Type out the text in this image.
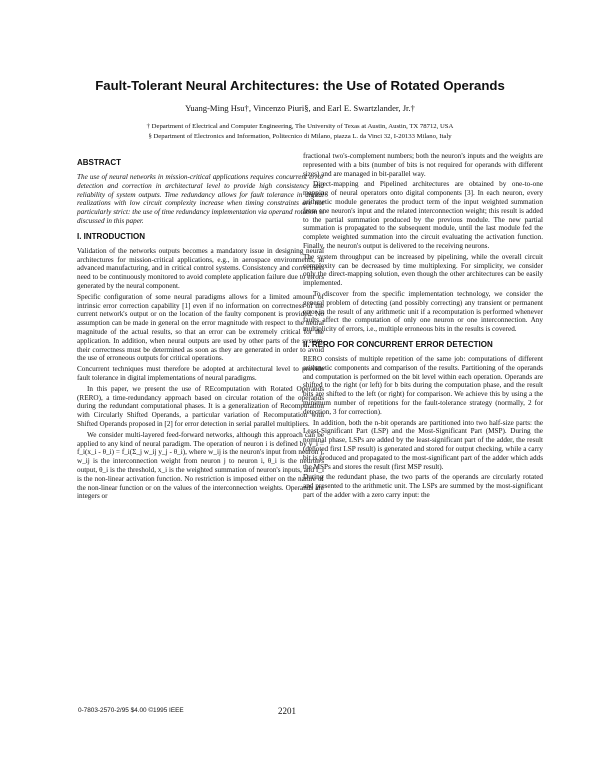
Fault-Tolerant Neural Architectures: the Use of Rotated Operands
Yuang-Ming Hsu†, Vincenzo Piuri§, and Earl E. Swartzlander, Jr.†
† Department of Electrical and Computer Engineering, The University of Texas at Austin, Austin, TX 78712, USA
§ Department of Electronics and Information, Politecnico di Milano, piazza L. da Vinci 32, I-20133 Milano, Italy
ABSTRACT

The use of neural networks in mission-critical applications requires concurrent error detection and correction in architectural level to provide high consistency and reliability of system outputs. Time redundancy allows for fault tolerance in digital realizations with low circuit complexity increase when timing constraints are not particularly strict: the use of time redundancy implementation via operand rotation is discussed in this paper.

I. INTRODUCTION

Validation of the networks outputs becomes a mandatory issue in designing neural architectures for mission-critical applications, e.g., in aerospace environments, in advanced manufacturing, and in critical control systems. Consistency and correctness need to be continuously monitored to avoid complete application failure due to errors generated by the neural component.

Specific configuration of some neural paradigms allows for a limited amount of intrinsic error correction capability [1] even if no information on correctness of the current network's output or on the location of the faulty component is provided. No assumption can be made in general on the error magnitude with respect to the neural magnitude of the actual results, so that an error can be extremely critical for the application. In addition, when neural outputs are used by other parts of the system, their correctness must be determined as soon as they are generated in order to avoid the use of erroneous outputs for critical operations.

Concurrent techniques must therefore be adopted at architectural level to provide fault tolerance in digital implementations of neural paradigms.

In this paper, we present the use of REcomputation with Rotated Operands (RERO), a time-redundancy approach based on circular rotation of the operands during the redundant computational phases. It is a generalization of Recomputation with Circularly Shifted Operands, a particular variation of Recomputation with Shifted Operands proposed in [2] for error detection in serial parallel multipliers.

We consider multi-layered feed-forward networks, although this approach can be applied to any kind of neural paradigm. The operation of neuron i is defined by y_i = f_i(x_i - θ_i) = f_i(Σ_j w_ij y_j - θ_i), where w_ij is the neuron's input from neuron j, w_ij is the interconnection weight from neuron j to neuron i, θ_i is the neuron's output, θ_i is the threshold, x_i is the weighted summation of neuron's inputs, and f_i is the non-linear activation function. No restriction is imposed either on the nature of the non-linear function or on the values of the interconnection weights. Operands are integers or

fractional two's-complement numbers; both the neuron's inputs and the weights are represented with a bits (number of bits is not required for operands with different sizes) and are managed in bit-parallel way.

Direct-mapping and Pipelined architectures are obtained by one-to-one mapping of neural operators onto digital components [3]. In each neuron, every arithmetic module generates the product term of the input weighted summation from one neuron's input and the related interconnection weight; this result is added to the partial summation produced by the previous module. The new partial summation is propagated to the subsequent module, until the last module fed the complete weighted summation into the circuit evaluating the activation function. Finally, the neuron's output is delivered to the receiving neurons.

The system throughput can be increased by pipelining, while the overall circuit complexity can be decreased by time multiplexing. For simplicity, we consider only the direct-mapping solution, even though the other architectures can be easily implemented.

To discover from the specific implementation technology, we consider the general problem of detecting (and possibly correcting) any transient or permanent error in the result of any arithmetic unit if a recomputation is performed whenever faults affect the computation of only one neuron or one interconnection. Any multiplicity of errors, i.e., multiple erroneous bits in the results is covered.

II. RERO FOR CONCURRENT ERROR DETECTION

RERO consists of multiple repetition of the same job: computations of different arithmetic components and comparison of the results. Partitioning of the operands and computation is performed on the bit level within each operation. Operands are shifted to the right (or left) for b bits during the computation phase, and the result bits are shifted to the left (or right) for comparison. We achieve this by using a the minimum number of repetitions for the fault-tolerance strategy (normally, 2 for detection, 3 for correction).

In addition, both the n-bit operands are partitioned into two half-size parts: the Least-Significant Part (LSP) and the Most-Significant Part (MSP). During the nominal phase, LSPs are added by the least-significant part of the adder, the result (denoted first LSP result) is generated and stored for output checking, while a carry bit is produced and propagated to the most-significant part of the adder which adds the MSPs and stores the result (first MSP result).

During the redundant phase, the two parts of the operands are circularly rotated and presented to the arithmetic unit. The LSPs are summed by the most-significant part of the adder with a zero carry input: the

0-7803-2570-2/95 $4.00 ©1995 IEEE	2201
